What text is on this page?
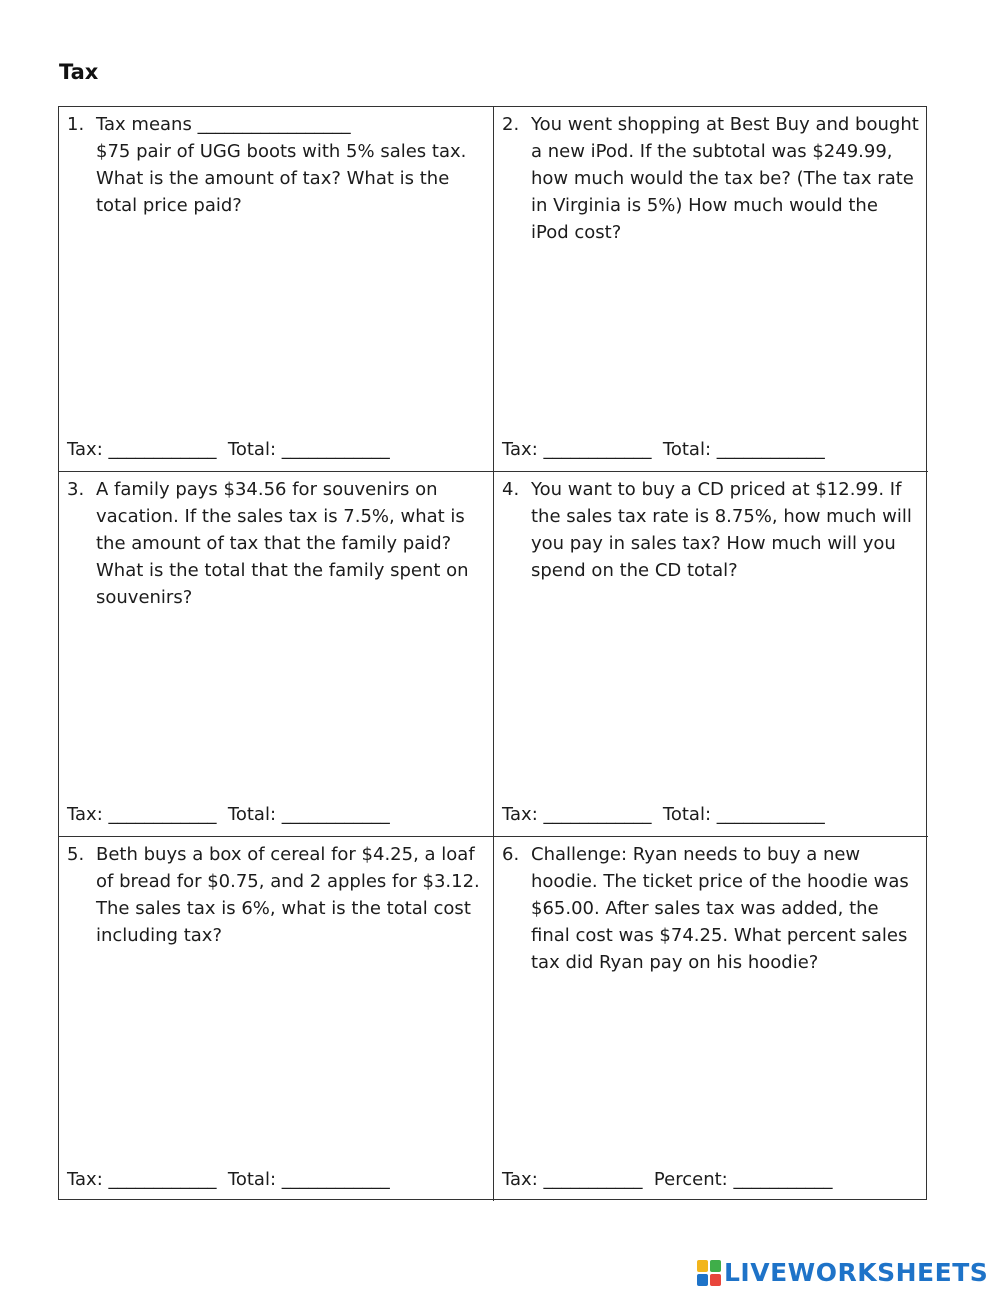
Tax
1. Tax means _________________
$75 pair of UGG boots with 5% sales tax. What is the amount of tax? What is the total price paid?
Tax: ____________  Total: ____________
2. You went shopping at Best Buy and bought a new iPod. If the subtotal was $249.99, how much would the tax be? (The tax rate in Virginia is 5%) How much would the iPod cost?
Tax: ____________  Total: ____________
3. A family pays $34.56 for souvenirs on vacation. If the sales tax is 7.5%, what is the amount of tax that the family paid? What is the total that the family spent on souvenirs?
Tax: ____________  Total: ____________
4. You want to buy a CD priced at $12.99. If the sales tax rate is 8.75%, how much will you pay in sales tax? How much will you spend on the CD total?
Tax: ____________  Total: ____________
5. Beth buys a box of cereal for $4.25, a loaf of bread for $0.75, and 2 apples for $3.12. The sales tax is 6%, what is the total cost including tax?
Tax: ____________  Total: ____________
6. Challenge: Ryan needs to buy a new hoodie. The ticket price of the hoodie was $65.00. After sales tax was added, the final cost was $74.25. What percent sales tax did Ryan pay on his hoodie?
Tax: ___________  Percent: ___________
LIVEWORKSHEETS
